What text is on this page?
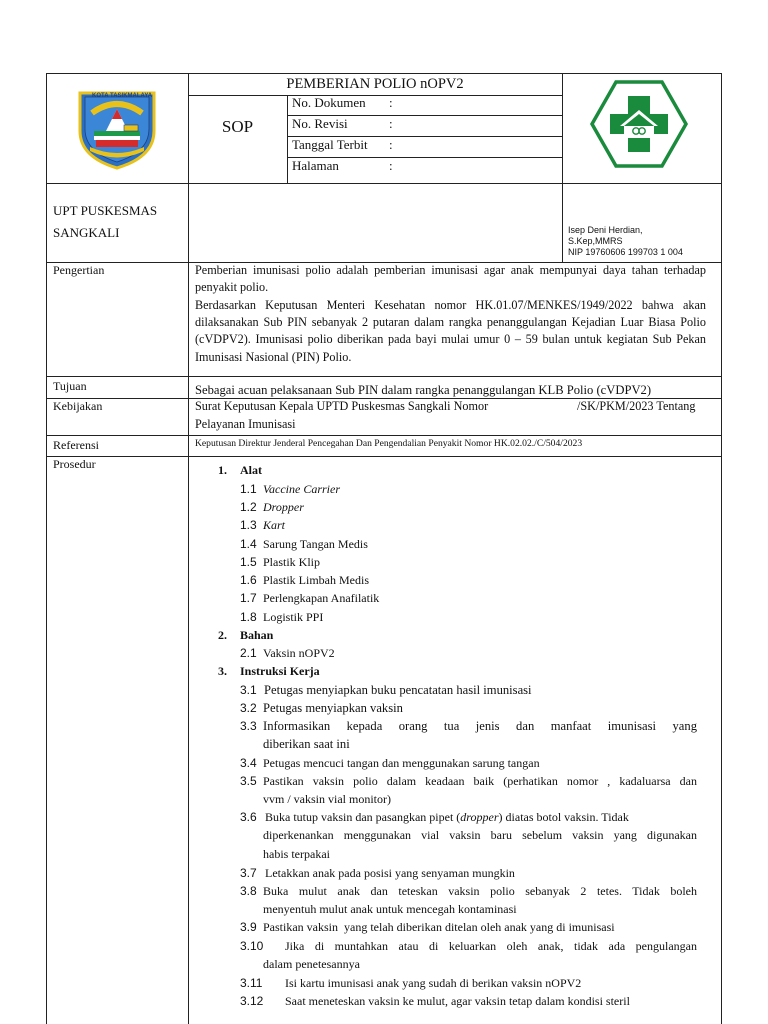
KOTA TASIKMALAYA
PEMBERIAN POLIO nOPV2
SOP
No. Dokumen :
No. Revisi	:
Tanggal Terbit :
Halaman	:
UPT PUSKESMAS
SANGKALI	Isep Deni Herdian,
S.Kep,MMRS
NIP 19760606 199703 1 004
Pengertian	Pemberian imunisasi polio adalah pemberian imunisasi agar anak mempunyai daya tahan terhadap penyakit polio.
Berdasarkan Keputusan Menteri Kesehatan nomor HK.01.07/MENKES/1949/2022 bahwa akan dilaksanakan Sub PIN sebanyak 2 putaran dalam rangka penanggulangan Kejadian Luar Biasa Polio (cVDPV2). Imunisasi polio diberikan pada bayi mulai umur 0 – 59 bulan untuk kegiatan Sub Pekan Imunisasi Nasional (PIN) Polio.
Tujuan	Sebagai acuan pelaksanaan Sub PIN dalam rangka penanggulangan KLB Polio (cVDPV2)
Kebijakan	Surat Keputusan Kepala UPTD Puskesmas Sangkali Nomor	/SK/PKM/2023 Tentang
Pelayanan Imunisasi
Referensi	Keputusan Direktur Jenderal Pencegahan Dan Pengendalian Penyakit Nomor HK.02.02./C/504/2023
Prosedur	1. Alat
1.1 Vaccine Carrier
1.2 Dropper
1.3 Kart
1.4 Sarung Tangan Medis
1.5 Plastik Klip
1.6 Plastik Limbah Medis
1.7 Perlengkapan Anafilatik
1.8 Logistik PPI
2. Bahan
2.1 Vaksin nOPV2
3. Instruksi Kerja
3.1 Petugas menyiapkan buku pencatatan hasil imunisasi
3.2 Petugas menyiapkan vaksin
3.3 Informasikan kepada orang tua jenis dan manfaat imunisasi yang
diberikan saat ini
3.4 Petugas mencuci tangan dan menggunakan sarung tangan
3.5 Pastikan vaksin polio dalam keadaan baik (perhatikan nomor , kadaluarsa dan
vvm / vaksin vial monitor)
3.6 Buka tutup vaksin dan pasangkan pipet (dropper) diatas botol vaksin. Tidak
diperkenankan menggunakan vial vaksin baru sebelum vaksin yang digunakan
habis terpakai
3.7 Letakkan anak pada posisi yang senyaman mungkin
3.8 Buka mulut anak dan teteskan vaksin polio sebanyak 2 tetes. Tidak boleh
menyentuh mulut anak untuk mencegah kontaminasi
3.9 Pastikan vaksin  yang telah diberikan ditelan oleh anak yang di imunisasi
3.10 Jika di muntahkan atau di keluarkan oleh anak, tidak ada pengulangan
dalam penetesannya
3.11 Isi kartu imunisasi anak yang sudah di berikan vaksin nOPV2
3.12 Saat meneteskan vaksin ke mulut, agar vaksin tetap dalam kondisi steril
